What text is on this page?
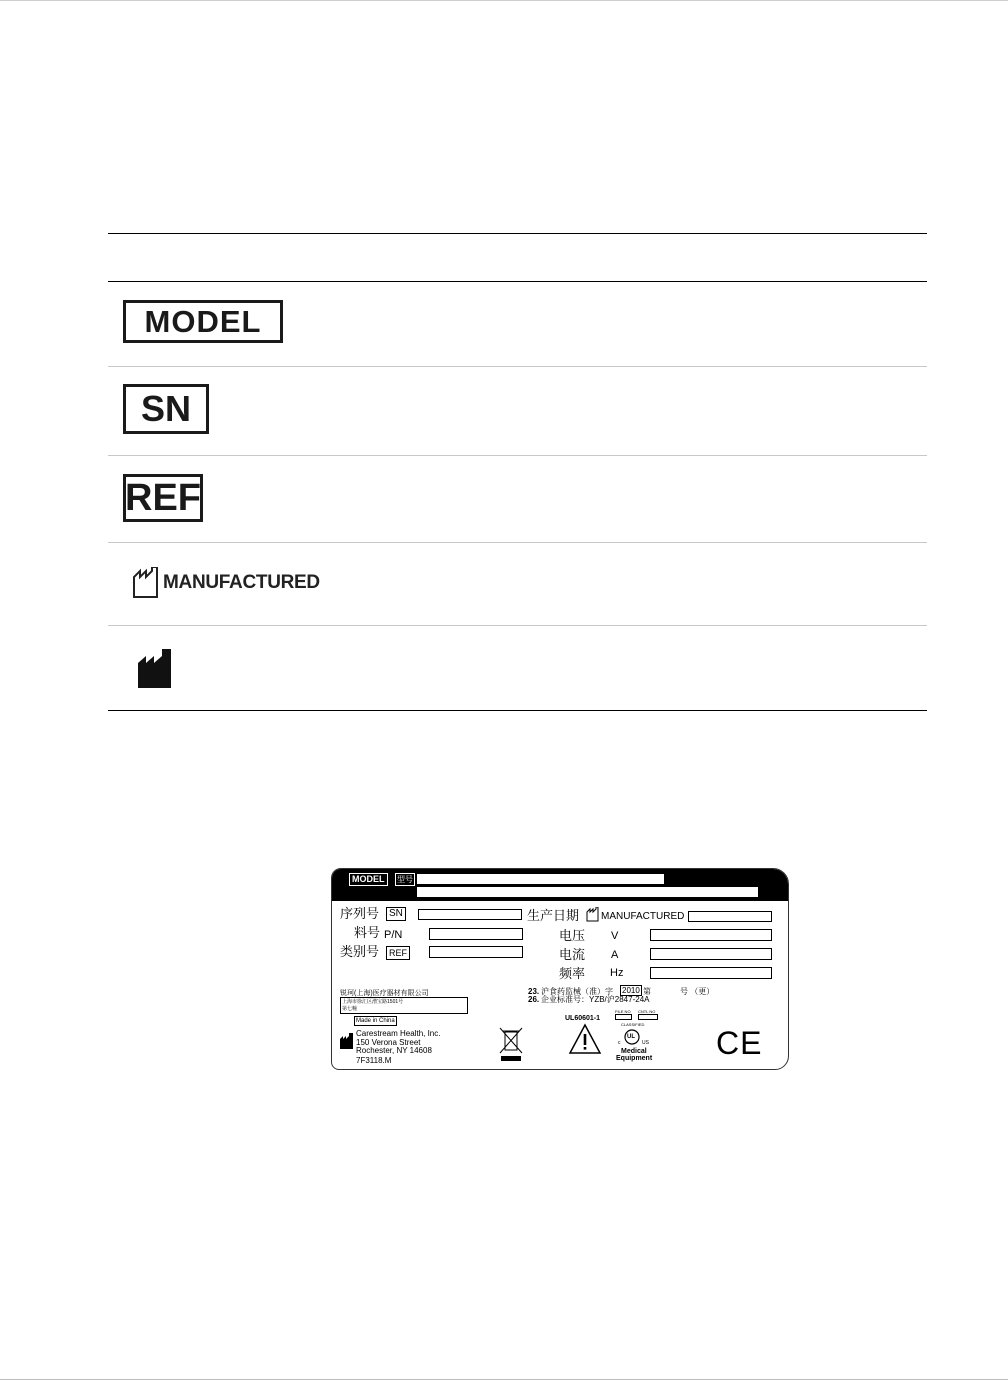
MODEL
SN
REF
MANUFACTURED
MODEL	型号
序列号 SN	生产日期 MANUFACTURED
料号 P/N	电压 V
类别号	REF	电流 A
频率 Hz
锐珂(上海)医疗器材有限公司
上海市徐汇区漕宝路1501号
第七幢
23. 沪食药监械（准）字 2010 第	号 （更）
26. 企业标准号：YZB/沪2847-24A
Made in China
Carestream Health, Inc.
150 Verona Street
Rochester, NY 14608
7F3118.M
UL60601-1
FILE NO CNTL NO
CLASSIFIED
c
UL
US
Medical
Equipment CE
